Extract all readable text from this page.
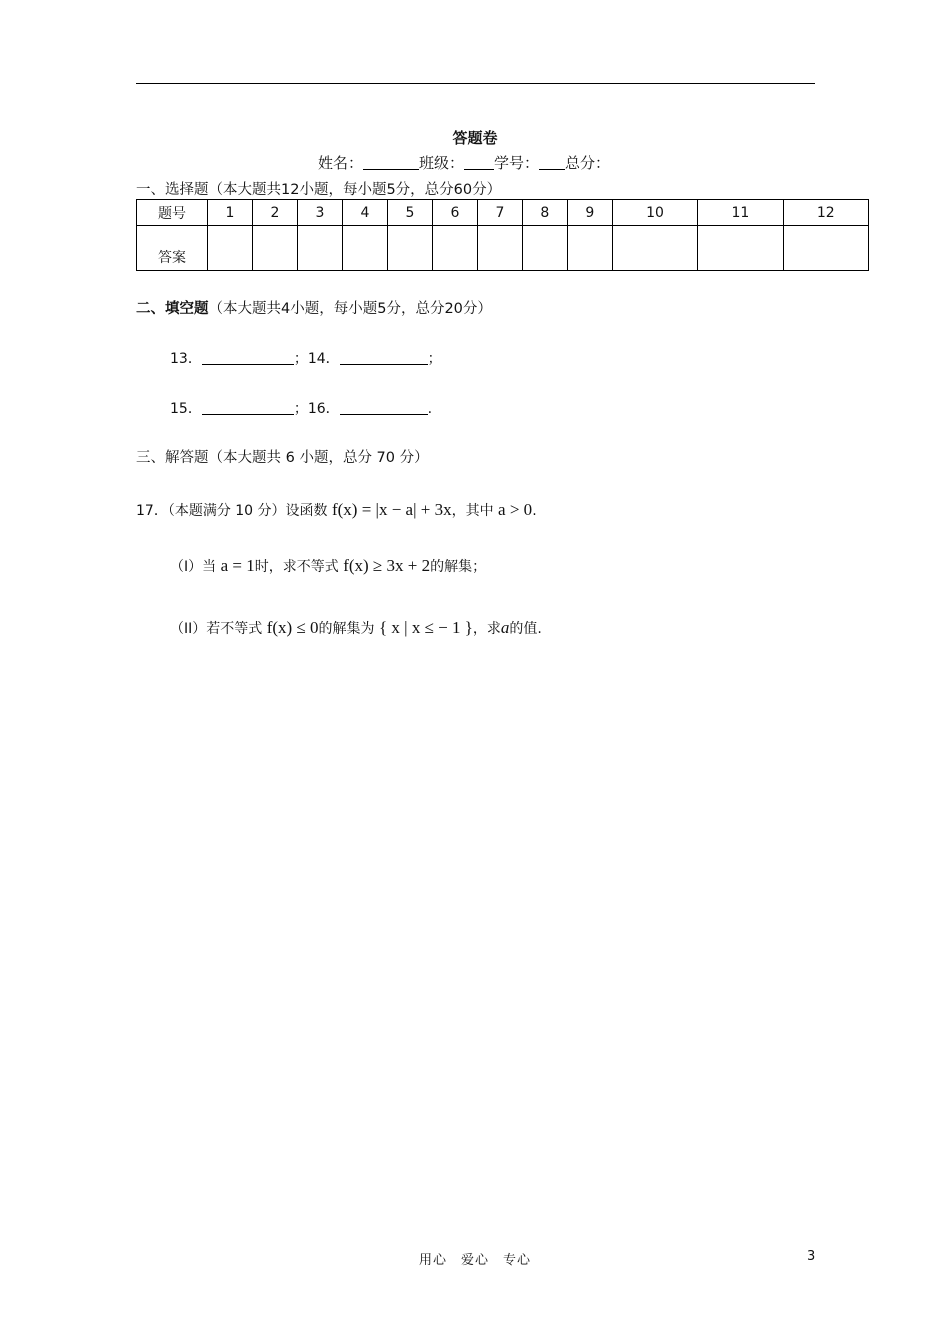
答题卷
姓名：	班级： 学号： 总分：
一、选择题（本大题共12小题，每小题5分，总分60分）
题号	1	2	3	4	5	6	7	8	9	10	11	12
答案												
二、填空题（本大题共4小题，每小题5分，总分20分）
13．	；14．	；
15．	；16．	.
三、解答题（本大题共 6 小题，总分 70 分）
17．（本题满分 10 分）设函数 f(x) = |x − a| + 3x，其中 a > 0.
（I）当 a = 1时，求不等式 f(x) ≥ 3x + 2的解集；
（II）若不等式 f(x) ≤ 0的解集为 { x | x ≤ − 1 }，求a的值.
用心　爱心　专心	3
